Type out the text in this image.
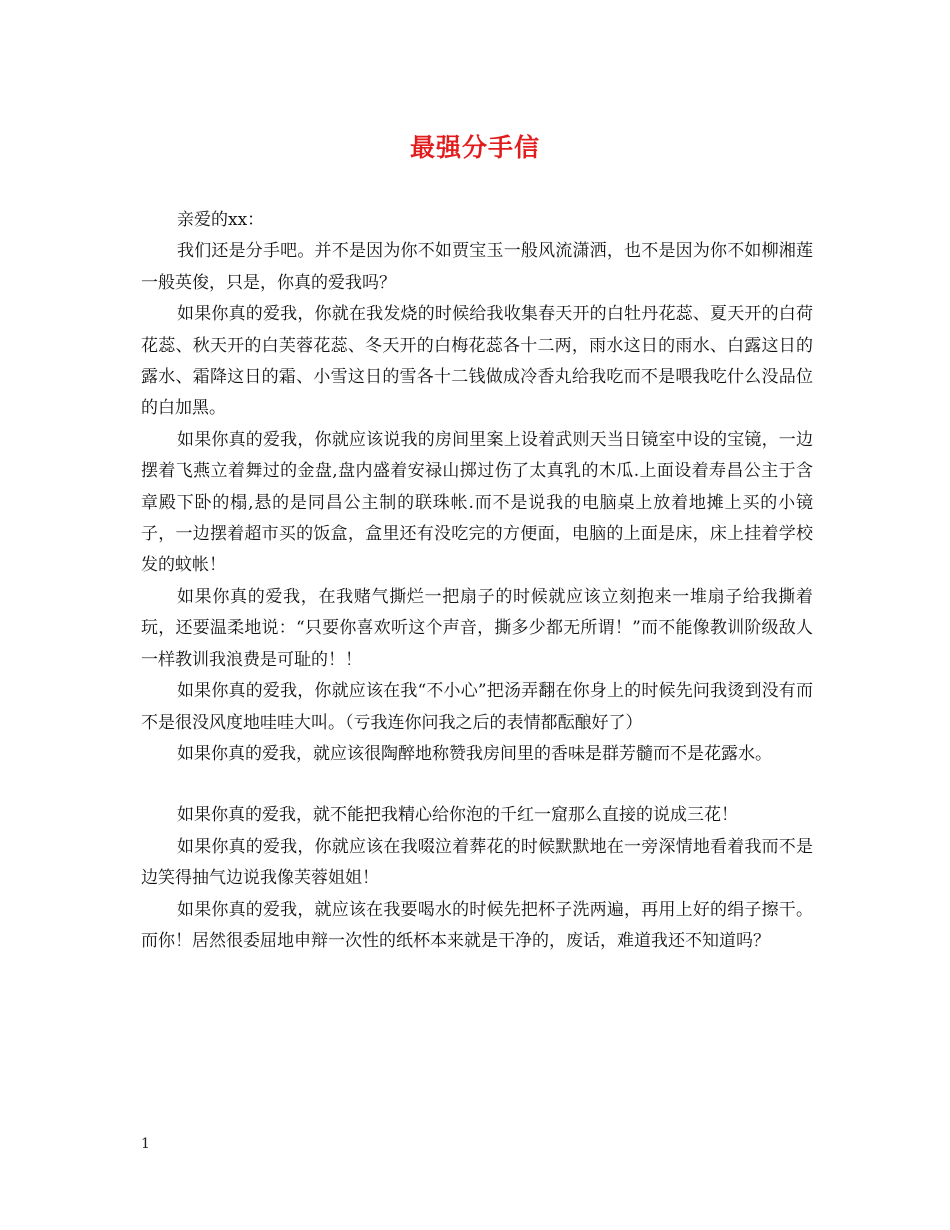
最强分手信

亲爱的xx：

我们还是分手吧。并不是因为你不如贾宝玉一般风流潇洒，也不是因为你不如柳湘莲一般英俊，只是，你真的爱我吗？

如果你真的爱我，你就在我发烧的时候给我收集春天开的白牡丹花蕊、夏天开的白荷花蕊、秋天开的白芙蓉花蕊、冬天开的白梅花蕊各十二两，雨水这日的雨水、白露这日的露水、霜降这日的霜、小雪这日的雪各十二钱做成冷香丸给我吃而不是喂我吃什么没品位的白加黑。

如果你真的爱我，你就应该说我的房间里案上设着武则天当日镜室中设的宝镜，一边摆着飞燕立着舞过的金盘,盘内盛着安禄山掷过伤了太真乳的木瓜.上面设着寿昌公主于含章殿下卧的榻,悬的是同昌公主制的联珠帐.而不是说我的电脑桌上放着地摊上买的小镜子，一边摆着超市买的饭盒，盒里还有没吃完的方便面，电脑的上面是床，床上挂着学校发的蚊帐！

如果你真的爱我，在我赌气撕烂一把扇子的时候就应该立刻抱来一堆扇子给我撕着玩，还要温柔地说：“只要你喜欢听这个声音，撕多少都无所谓！”而不能像教训阶级敌人一样教训我浪费是可耻的！！

如果你真的爱我，你就应该在我“不小心”把汤弄翻在你身上的时候先问我烫到没有而不是很没风度地哇哇大叫。（亏我连你问我之后的表情都酝酿好了）

如果你真的爱我，就应该很陶醉地称赞我房间里的香味是群芳髓而不是花露水。

如果你真的爱我，就不能把我精心给你泡的千红一窟那么直接的说成三花！

如果你真的爱我，你就应该在我啜泣着葬花的时候默默地在一旁深情地看着我而不是边笑得抽气边说我像芙蓉姐姐！

如果你真的爱我，就应该在我要喝水的时候先把杯子洗两遍，再用上好的绢子擦干。而你！居然很委屈地申辩一次性的纸杯本来就是干净的，废话，难道我还不知道吗？

1
